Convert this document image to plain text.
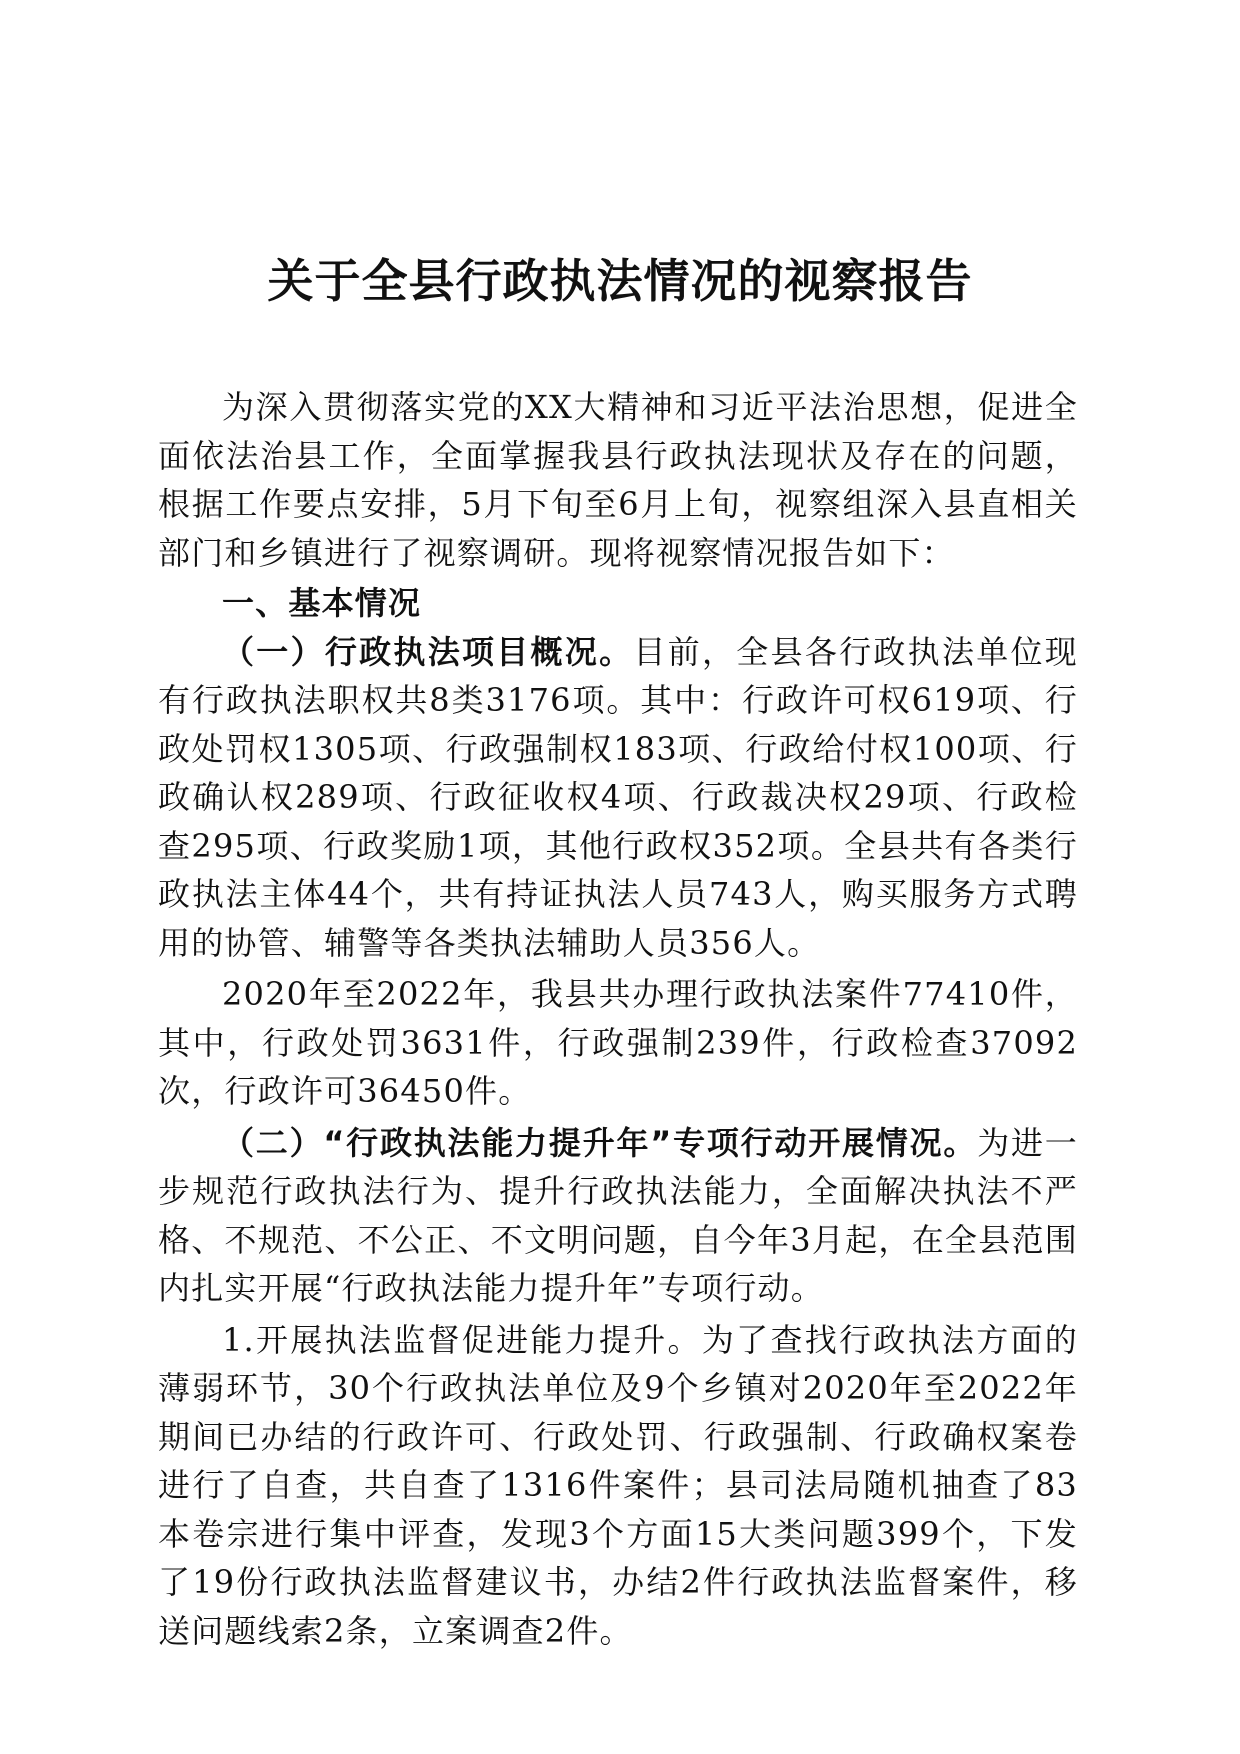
关于全县行政执法情况的视察报告

为深入贯彻落实党的XX大精神和习近平法治思想，促进全面依法治县工作，全面掌握我县行政执法现状及存在的问题，根据工作要点安排，5月下旬至6月上旬，视察组深入县直相关部门和乡镇进行了视察调研。现将视察情况报告如下：

一、基本情况

（一）行政执法项目概况。目前，全县各行政执法单位现有行政执法职权共8类3176项。其中：行政许可权619项、行政处罚权1305项、行政强制权183项、行政给付权100项、行政确认权289项、行政征收权4项、行政裁决权29项、行政检查295项、行政奖励1项，其他行政权352项。全县共有各类行政执法主体44个，共有持证执法人员743人，购买服务方式聘用的协管、辅警等各类执法辅助人员356人。

2020年至2022年，我县共办理行政执法案件77410件，其中，行政处罚3631件，行政强制239件，行政检查37092次，行政许可36450件。

（二）“行政执法能力提升年”专项行动开展情况。为进一步规范行政执法行为、提升行政执法能力，全面解决执法不严格、不规范、不公正、不文明问题，自今年3月起，在全县范围内扎实开展“行政执法能力提升年”专项行动。

1.开展执法监督促进能力提升。为了查找行政执法方面的薄弱环节，30个行政执法单位及9个乡镇对2020年至2022年期间已办结的行政许可、行政处罚、行政强制、行政确权案卷进行了自查，共自查了1316件案件；县司法局随机抽查了83本卷宗进行集中评查，发现3个方面15大类问题399个，下发了19份行政执法监督建议书，办结2件行政执法监督案件，移送问题线索2条，立案调查2件。
